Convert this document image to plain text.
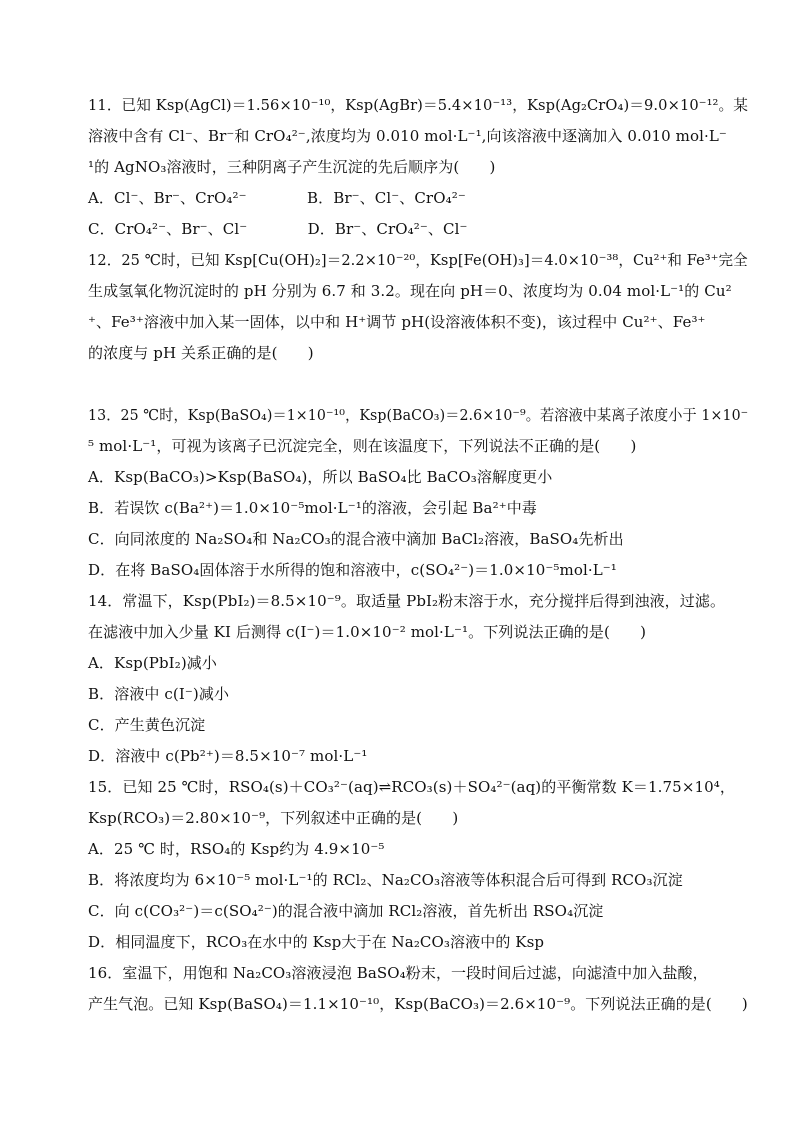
11．已知 Ksp(AgCl)＝1.56×10⁻¹⁰，Ksp(AgBr)＝5.4×10⁻¹³，Ksp(Ag₂CrO₄)＝9.0×10⁻¹²。某
溶液中含有 Cl⁻、Br⁻和 CrO₄²⁻,浓度均为 0.010 mol·L⁻¹,向该溶液中逐滴加入 0.010 mol·L⁻
¹的 AgNO₃溶液时，三种阴离子产生沉淀的先后顺序为(　　)
A．Cl⁻、Br⁻、CrO₄²⁻　　　　B．Br⁻、Cl⁻、CrO₄²⁻
C．CrO₄²⁻、Br⁻、Cl⁻　　　　D．Br⁻、CrO₄²⁻、Cl⁻
12．25 ℃时，已知 Ksp[Cu(OH)₂]＝2.2×10⁻²⁰，Ksp[Fe(OH)₃]＝4.0×10⁻³⁸，Cu²⁺和 Fe³⁺完全
生成氢氧化物沉淀时的 pH 分别为 6.7 和 3.2。现在向 pH＝0、浓度均为 0.04 mol·L⁻¹的 Cu²
⁺、Fe³⁺溶液中加入某一固体，以中和 H⁺调节 pH(设溶液体积不变)，该过程中 Cu²⁺、Fe³⁺
的浓度与 pH 关系正确的是(　　)
13．25 ℃时，Ksp(BaSO₄)＝1×10⁻¹⁰，Ksp(BaCO₃)＝2.6×10⁻⁹。若溶液中某离子浓度小于 1×10⁻
⁵ mol·L⁻¹，可视为该离子已沉淀完全，则在该温度下，下列说法不正确的是(　　)
A．Ksp(BaCO₃)>Ksp(BaSO₄)，所以 BaSO₄比 BaCO₃溶解度更小
B．若误饮 c(Ba²⁺)＝1.0×10⁻⁵mol·L⁻¹的溶液，会引起 Ba²⁺中毒
C．向同浓度的 Na₂SO₄和 Na₂CO₃的混合液中滴加 BaCl₂溶液，BaSO₄先析出
D．在将 BaSO₄固体溶于水所得的饱和溶液中，c(SO₄²⁻)＝1.0×10⁻⁵mol·L⁻¹
14．常温下，Ksp(PbI₂)＝8.5×10⁻⁹。取适量 PbI₂粉末溶于水，充分搅拌后得到浊液，过滤。
在滤液中加入少量 KI 后测得 c(I⁻)＝1.0×10⁻² mol·L⁻¹。下列说法正确的是(　　)
A．Ksp(PbI₂)减小
B．溶液中 c(I⁻)减小
C．产生黄色沉淀
D．溶液中 c(Pb²⁺)＝8.5×10⁻⁷ mol·L⁻¹
15．已知 25 ℃时，RSO₄(s)＋CO₃²⁻(aq)⇌RCO₃(s)＋SO₄²⁻(aq)的平衡常数 K＝1.75×10⁴，
Ksp(RCO₃)＝2.80×10⁻⁹，下列叙述中正确的是(　　)
A．25 ℃ 时，RSO₄的 Ksp约为 4.9×10⁻⁵
B．将浓度均为 6×10⁻⁵ mol·L⁻¹的 RCl₂、Na₂CO₃溶液等体积混合后可得到 RCO₃沉淀
C．向 c(CO₃²⁻)＝c(SO₄²⁻)的混合液中滴加 RCl₂溶液，首先析出 RSO₄沉淀
D．相同温度下，RCO₃在水中的 Ksp大于在 Na₂CO₃溶液中的 Ksp
16．室温下，用饱和 Na₂CO₃溶液浸泡 BaSO₄粉末，一段时间后过滤，向滤渣中加入盐酸，
产生气泡。已知 Ksp(BaSO₄)＝1.1×10⁻¹⁰，Ksp(BaCO₃)＝2.6×10⁻⁹。下列说法正确的是(　　)
